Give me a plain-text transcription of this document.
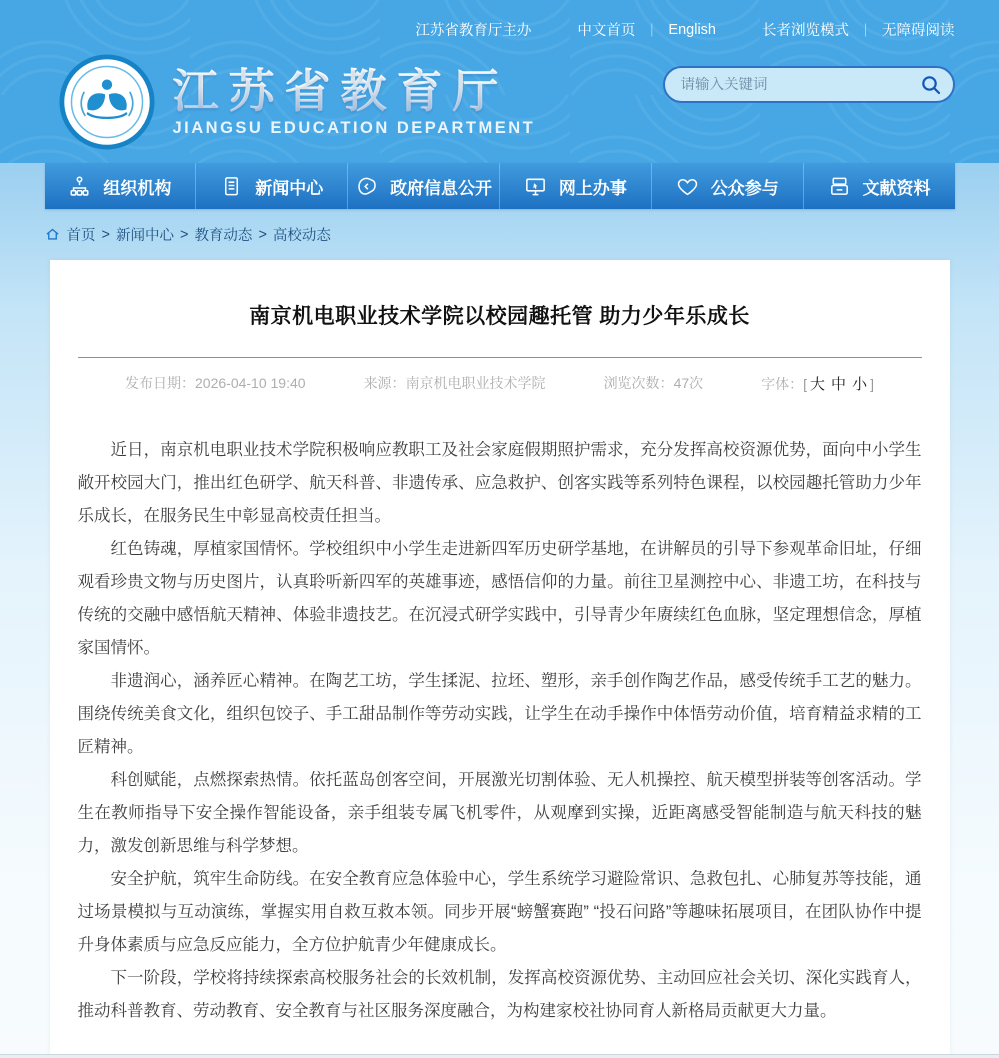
江苏省教育厅主办	中文首页 ｜ English	长者浏览模式 ｜ 无障碍阅读
江苏省教育厅
JIANGSU EDUCATION DEPARTMENT
请输入关键词
组织机构	新闻中心	政府信息公开	网上办事	公众参与	文献资料
首页 > 新闻中心 > 教育动态 > 高校动态
南京机电职业技术学院以校园趣托管 助力少年乐成长
发布日期：2026-04-10 19:40	来源：南京机电职业技术学院	浏览次数：47次	字体：[ 大 中 小 ]

近日，南京机电职业技术学院积极响应教职工及社会家庭假期照护需求，充分发挥高校资源优势，面向中小学生敞开校园大门，推出红色研学、航天科普、非遗传承、应急救护、创客实践等系列特色课程，以校园趣托管助力少年乐成长，在服务民生中彰显高校责任担当。

红色铸魂，厚植家国情怀。学校组织中小学生走进新四军历史研学基地，在讲解员的引导下参观革命旧址，仔细观看珍贵文物与历史图片，认真聆听新四军的英雄事迹，感悟信仰的力量。前往卫星测控中心、非遗工坊，在科技与传统的交融中感悟航天精神、体验非遗技艺。在沉浸式研学实践中，引导青少年赓续红色血脉，坚定理想信念，厚植家国情怀。

非遗润心，涵养匠心精神。在陶艺工坊，学生揉泥、拉坯、塑形，亲手创作陶艺作品，感受传统手工艺的魅力。围绕传统美食文化，组织包饺子、手工甜品制作等劳动实践，让学生在动手操作中体悟劳动价值，培育精益求精的工匠精神。

科创赋能，点燃探索热情。依托蓝岛创客空间，开展激光切割体验、无人机操控、航天模型拼装等创客活动。学生在教师指导下安全操作智能设备，亲手组装专属飞机零件，从观摩到实操，近距离感受智能制造与航天科技的魅力，激发创新思维与科学梦想。

安全护航，筑牢生命防线。在安全教育应急体验中心，学生系统学习避险常识、急救包扎、心肺复苏等技能，通过场景模拟与互动演练，掌握实用自救互救本领。同步开展“螃蟹赛跑” “投石问路”等趣味拓展项目，在团队协作中提升身体素质与应急反应能力，全方位护航青少年健康成长。

下一阶段，学校将持续探索高校服务社会的长效机制，发挥高校资源优势、主动回应社会关切、深化实践育人，推动科普教育、劳动教育、安全教育与社区服务深度融合，为构建家校社协同育人新格局贡献更大力量。
